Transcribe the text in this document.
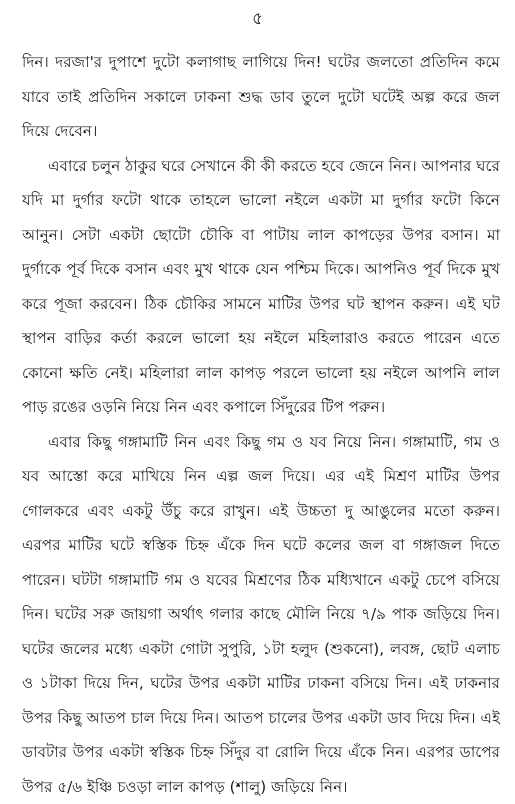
৫

দিন। দরজা'র দুপাশে দুটো কলাগাছ লাগিয়ে দিন! ঘটের জলতো প্রতিদিন কমে যাবে তাই প্রতিদিন সকালে ঢাকনা শুদ্ধ ডাব তুলে দুটো ঘটেই অল্প করে জল দিয়ে দেবেন।

এবারে চলুন ঠাকুর ঘরে সেখানে কী কী করতে হবে জেনে নিন। আপনার ঘরে যদি মা দুর্গার ফটো থাকে তাহলে ভালো নইলে একটা মা দুর্গার ফটো কিনে আনুন। সেটা একটা ছোটো চৌকি বা পাটায় লাল কাপড়ের উপর বসান। মা দুর্গাকে পূর্ব দিকে বসান এবং মুখ থাকে যেন পশ্চিম দিকে। আপনিও পূর্ব দিকে মুখ করে পূজা করবেন। ঠিক চৌকির সামনে মাটির উপর ঘট স্থাপন করুন। এই ঘট স্থাপন বাড়ির কর্তা করলে ভালো হয় নইলে মহিলারাও করতে পারেন এতে কোনো ক্ষতি নেই। মহিলারা লাল কাপড় পরলে ভালো হয় নইলে আপনি লাল পাড় রঙের ওড়নি নিয়ে নিন এবং কপালে সিঁদুরের টিপ পরুন।

এবার কিছু গঙ্গামাটি নিন এবং কিছু গম ও যব নিয়ে নিন। গঙ্গামাটি, গম ও যব আস্তো করে মাখিয়ে নিন এল্প জল দিয়ে। এর এই মিশ্রণ মাটির উপর গোলকরে এবং একটু উঁচু করে রাখুন। এই উচ্চতা দু আঙুলের মতো করুন। এরপর মাটির ঘটে স্বস্তিক চিহ্ন এঁকে দিন ঘটে কলের জল বা গঙ্গাজল দিতে পারেন। ঘটটা গঙ্গামাটি গম ও যবের মিশ্রণের ঠিক মধ্যিখানে একটু চেপে বসিয়ে দিন। ঘটের সরু জায়গা অর্থাৎ গলার কাছে মৌলি নিয়ে ৭/৯ পাক জড়িয়ে দিন। ঘটের জলের মধ্যে একটা গোটা সুপুরি, ১টা হলুদ (শুকনো), লবঙ্গ, ছোট এলাচ ও ১টাকা দিয়ে দিন, ঘটের উপর একটা মাটির ঢাকনা বসিয়ে দিন। এই ঢাকনার উপর কিছু আতপ চাল দিয়ে দিন। আতপ চালের উপর একটা ডাব দিয়ে দিন। এই ডাবটার উপর একটা স্বস্তিক চিহ্ন সিঁদুর বা রোলি দিয়ে এঁকে নিন। এরপর ডাপের উপর ৫/৬ ইঞ্চি চওড়া লাল কাপড় (শালু) জড়িয়ে নিন।
